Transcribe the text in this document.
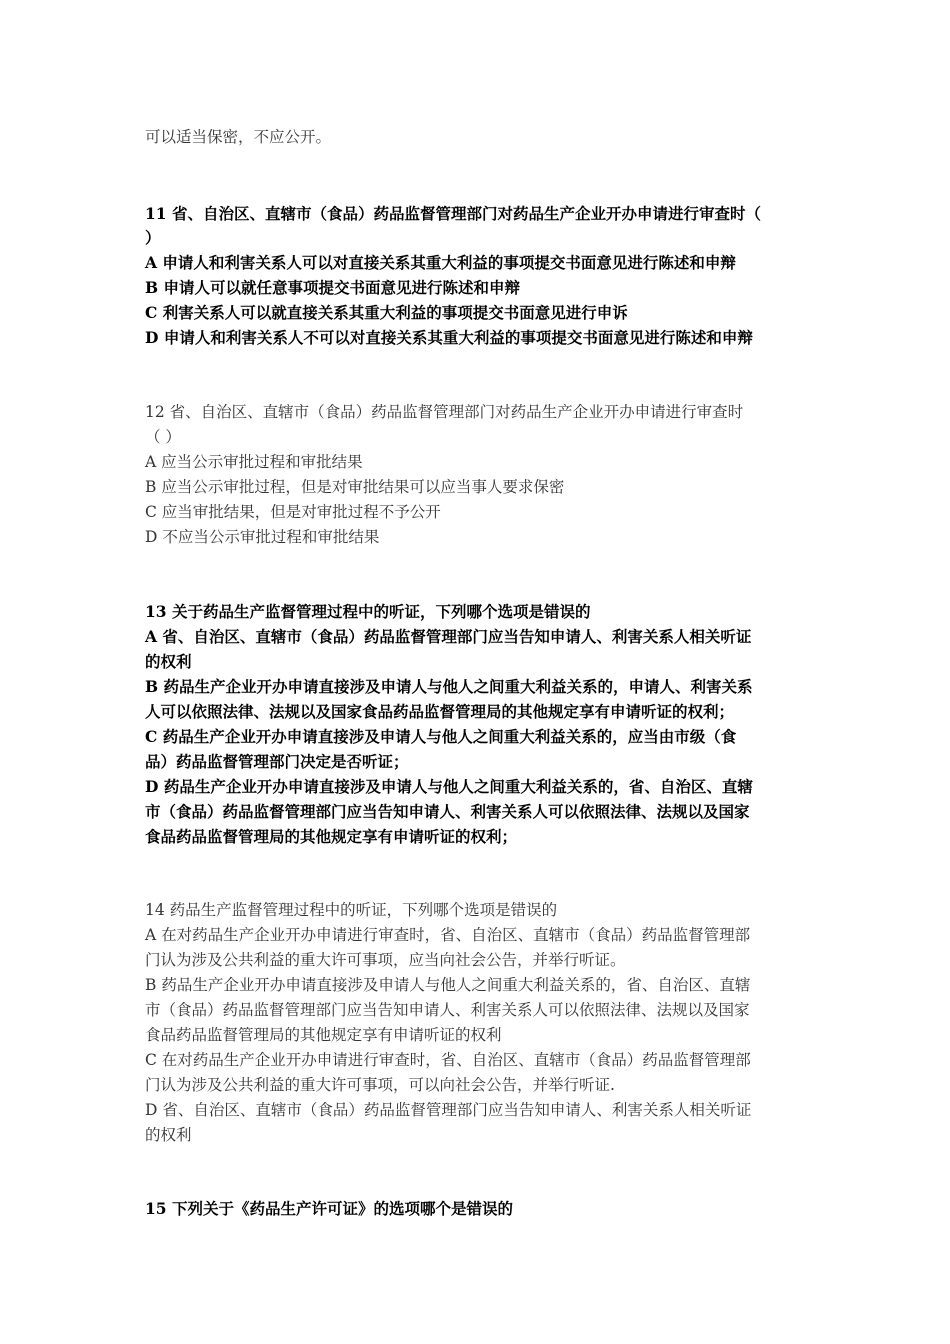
可以适当保密，不应公开。
11 省、自治区、直辖市（食品）药品监督管理部门对药品生产企业开办申请进行审查时（
）
A 申请人和利害关系人可以对直接关系其重大利益的事项提交书面意见进行陈述和申辩
B 申请人可以就任意事项提交书面意见进行陈述和申辩
C 利害关系人可以就直接关系其重大利益的事项提交书面意见进行申诉
D 申请人和利害关系人不可以对直接关系其重大利益的事项提交书面意见进行陈述和申辩
12 省、自治区、直辖市（食品）药品监督管理部门对药品生产企业开办申请进行审查时
（ ）
A 应当公示审批过程和审批结果
B 应当公示审批过程，但是对审批结果可以应当事人要求保密
C 应当审批结果，但是对审批过程不予公开
D 不应当公示审批过程和审批结果
13 关于药品生产监督管理过程中的听证，下列哪个选项是错误的
A 省、自治区、直辖市（食品）药品监督管理部门应当告知申请人、利害关系人相关听证
的权利
B 药品生产企业开办申请直接涉及申请人与他人之间重大利益关系的，申请人、利害关系
人可以依照法律、法规以及国家食品药品监督管理局的其他规定享有申请听证的权利；
C 药品生产企业开办申请直接涉及申请人与他人之间重大利益关系的，应当由市级（食
品）药品监督管理部门决定是否听证；
D 药品生产企业开办申请直接涉及申请人与他人之间重大利益关系的，省、自治区、直辖
市（食品）药品监督管理部门应当告知申请人、利害关系人可以依照法律、法规以及国家
食品药品监督管理局的其他规定享有申请听证的权利；
14 药品生产监督管理过程中的听证，下列哪个选项是错误的
A 在对药品生产企业开办申请进行审查时，省、自治区、直辖市（食品）药品监督管理部
门认为涉及公共利益的重大许可事项，应当向社会公告，并举行听证。
B 药品生产企业开办申请直接涉及申请人与他人之间重大利益关系的，省、自治区、直辖
市（食品）药品监督管理部门应当告知申请人、利害关系人可以依照法律、法规以及国家
食品药品监督管理局的其他规定享有申请听证的权利
C 在对药品生产企业开办申请进行审查时，省、自治区、直辖市（食品）药品监督管理部
门认为涉及公共利益的重大许可事项，可以向社会公告，并举行听证.
D 省、自治区、直辖市（食品）药品监督管理部门应当告知申请人、利害关系人相关听证
的权利
15 下列关于《药品生产许可证》的选项哪个是错误的
